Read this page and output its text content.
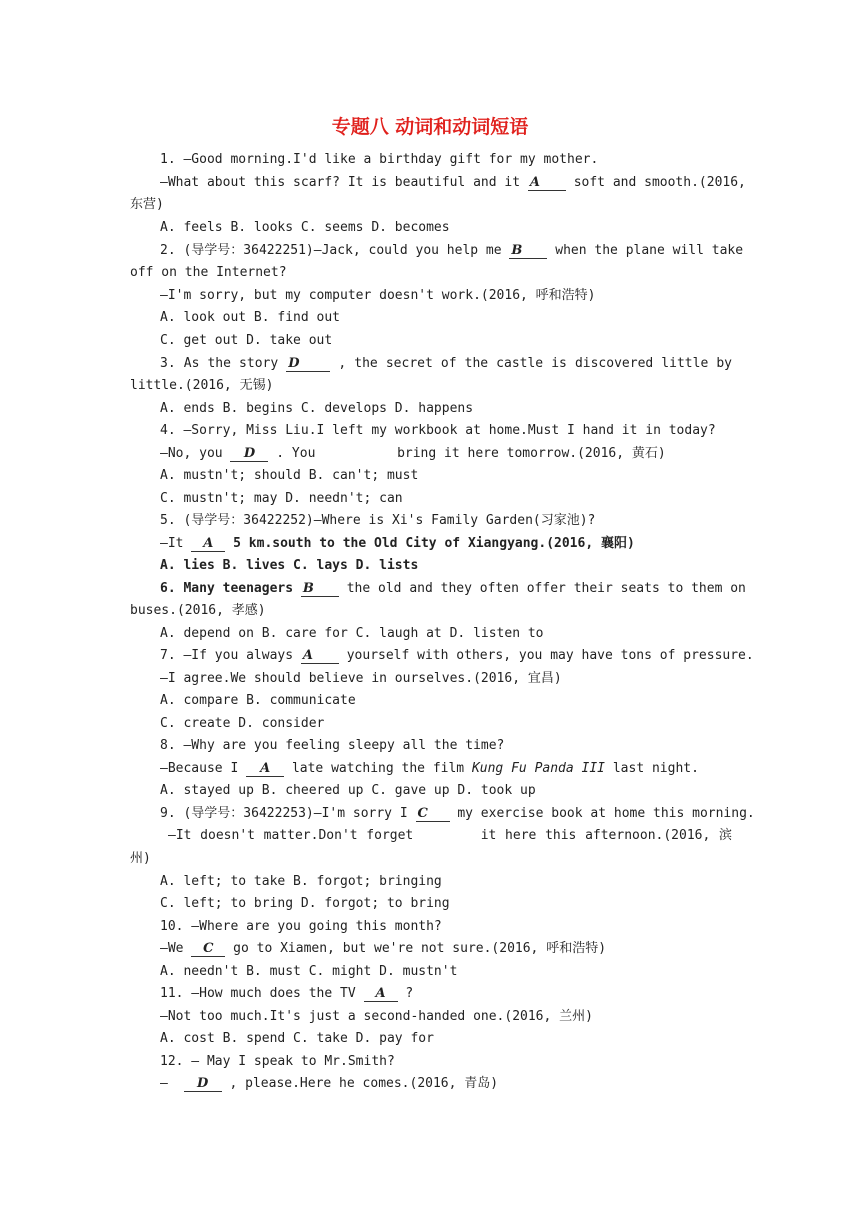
专题八 动词和动词短语
1. —Good morning.I'd like a birthday gift for my mother.
—What about this scarf? It is beautiful and it A	soft and smooth.(2016,
东营)
A. feels B. looks C. seems D. becomes
2. (导学号：36422251)—Jack, could you help me B	when the plane will take
off on the Internet?
—I'm sorry, but my computer doesn't work.(2016, 呼和浩特)
A. look out B. find out
C. get out D. take out
3. As the story D	, the secret of the castle is discovered little by
little.(2016, 无锡)
A. ends B. begins C. develops D. happens
4. —Sorry, Miss Liu.I left my workbook at home.Must I hand it in today?
—No, you D . You	bring it here tomorrow.(2016, 黄石)
A. mustn't; should B. can't; must
C. mustn't; may D. needn't; can
5. (导学号：36422252)—Where is Xi's Family Garden(习家池)?
—It A 5 km.south to the Old City of Xiangyang.(2016, 襄阳)
A. lies B. lives C. lays D. lists
6. Many teenagers B	the old and they often offer their seats to them on
buses.(2016, 孝感)
A. depend on B. care for C. laugh at D. listen to
7. —If you always A	yourself with others, you may have tons of pressure.
—I agree.We should believe in ourselves.(2016, 宜昌)
A. compare B. communicate
C. create D. consider
8. —Why are you feeling sleepy all the time?
—Because I A late watching the film Kung Fu Panda III last night.
A. stayed up B. cheered up C. gave up D. took up
9. (导学号：36422253)—I'm sorry I C my exercise book at home this morning.
—It doesn't matter.Don't forget	it here this afternoon.(2016, 滨
州)
A. left; to take B. forgot; bringing
C. left; to bring D. forgot; to bring
10. —Where are you going this month?
—We C go to Xiamen, but we're not sure.(2016, 呼和浩特)
A. needn't B. must C. might D. mustn't
11. —How much does the TV A ?
—Not too much.It's just a second-handed one.(2016, 兰州)
A. cost B. spend C. take D. pay for
12. — May I speak to Mr.Smith?
— D , please.Here he comes.(2016, 青岛)
